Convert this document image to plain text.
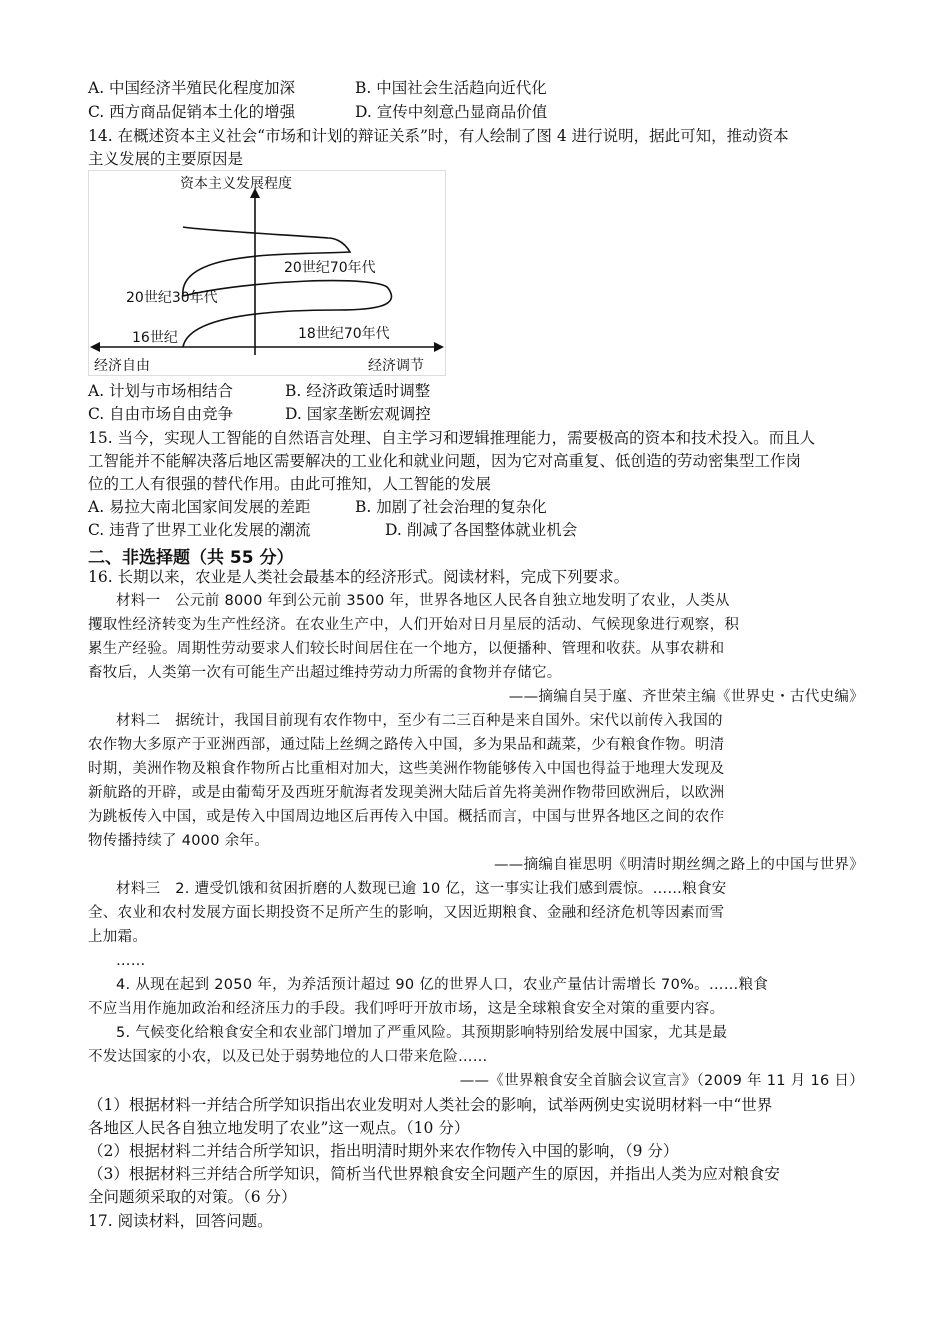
A. 中国经济半殖民化程度加深	B. 中国社会生活趋向近代化
C. 西方商品促销本土化的增强	D. 宣传中刻意凸显商品价值
14. 在概述资本主义社会“市场和计划的辩证关系”时，有人绘制了图 4 进行说明，据此可知，推动资本
主义发展的主要原因是
资本主义发展程度
经济自由	经济调节
16世纪	18世纪70年代
20世纪30年代
20世纪70年代
A. 计划与市场相结合	B. 经济政策适时调整
C. 自由市场自由竞争	D. 国家垄断宏观调控
15. 当今，实现人工智能的自然语言处理、自主学习和逻辑推理能力，需要极高的资本和技术投入。而且人
工智能并不能解决落后地区需要解决的工业化和就业问题，因为它对高重复、低创造的劳动密集型工作岗
位的工人有很强的替代作用。由此可推知，人工智能的发展
A. 易拉大南北国家间发展的差距	B. 加剧了社会治理的复杂化
C. 违背了世界工业化发展的潮流	D. 削减了各国整体就业机会
二、非选择题（共 55 分）
16. 长期以来，农业是人类社会最基本的经济形式。阅读材料，完成下列要求。
材料一　公元前 8000 年到公元前 3500 年，世界各地区人民各自独立地发明了农业，人类从
攫取性经济转变为生产性经济。在农业生产中，人们开始对日月星辰的活动、气候现象进行观察，积
累生产经验。周期性劳动要求人们较长时间居住在一个地方，以便播种、管理和收获。从事农耕和
畜牧后，人类第一次有可能生产出超过维持劳动力所需的食物并存储它。
——摘编自吴于廑、齐世荣主编《世界史・古代史编》
材料二　据统计，我国目前现有农作物中，至少有二三百种是来自国外。宋代以前传入我国的
农作物大多原产于亚洲西部，通过陆上丝绸之路传入中国，多为果品和蔬菜，少有粮食作物。明清
时期，美洲作物及粮食作物所占比重相对加大，这些美洲作物能够传入中国也得益于地理大发现及
新航路的开辟，或是由葡萄牙及西班牙航海者发现美洲大陆后首先将美洲作物带回欧洲后，以欧洲
为跳板传入中国，或是传入中国周边地区后再传入中国。概括而言，中国与世界各地区之间的农作
物传播持续了 4000 余年。
——摘编自崔思明《明清时期丝绸之路上的中国与世界》
材料三　2. 遭受饥饿和贫困折磨的人数现已逾 10 亿，这一事实让我们感到震惊。……粮食安
全、农业和农村发展方面长期投资不足所产生的影响，又因近期粮食、金融和经济危机等因素而雪
上加霜。
……
4. 从现在起到 2050 年，为养活预计超过 90 亿的世界人口，农业产量估计需增长 70%。……粮食
不应当用作施加政治和经济压力的手段。我们呼吁开放市场，这是全球粮食安全对策的重要内容。
5. 气候变化给粮食安全和农业部门增加了严重风险。其预期影响特别给发展中国家，尤其是最
不发达国家的小农，以及已处于弱势地位的人口带来危险……
——《世界粮食安全首脑会议宣言》（2009 年 11 月 16 日）
（1）根据材料一并结合所学知识指出农业发明对人类社会的影响，试举两例史实说明材料一中“世界
各地区人民各自独立地发明了农业”这一观点。（10 分）
（2）根据材料二并结合所学知识，指出明清时期外来农作物传入中国的影响，（9 分）
（3）根据材料三并结合所学知识，简析当代世界粮食安全问题产生的原因，并指出人类为应对粮食安
全问题须采取的对策。（6 分）
17. 阅读材料，回答问题。
